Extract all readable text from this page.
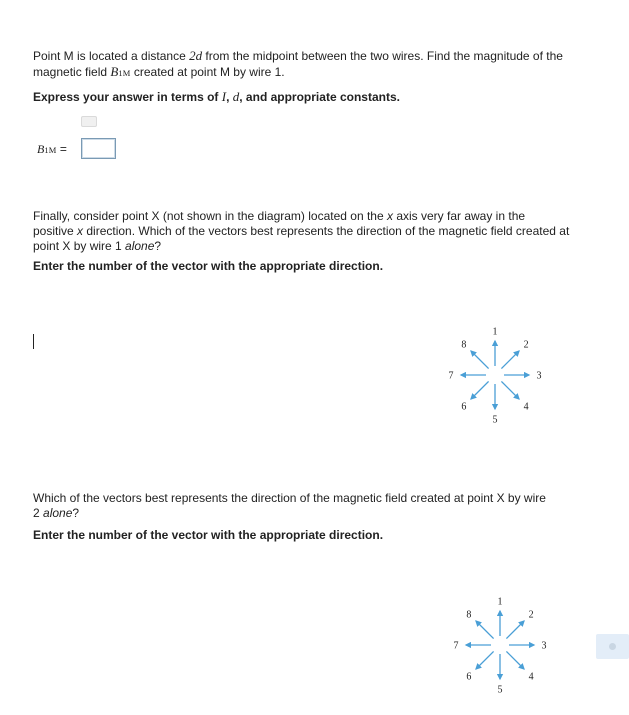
Point M is located a distance 2d from the midpoint between the two wires. Find the magnitude of the
magnetic field B1M created at point M by wire 1.

Express your answer in terms of I, d, and appropriate constants.

B1M =

Finally, consider point X (not shown in the diagram) located on the x axis very far away in the
positive x direction. Which of the vectors best represents the direction of the magnetic field created at
point X by wire 1 alone?

Enter the number of the vector with the appropriate direction.

1
2
3
4
5
6
7
8

Which of the vectors best represents the direction of the magnetic field created at point X by wire
2 alone?

Enter the number of the vector with the appropriate direction.

1
2
3
4
5
6
7
8
